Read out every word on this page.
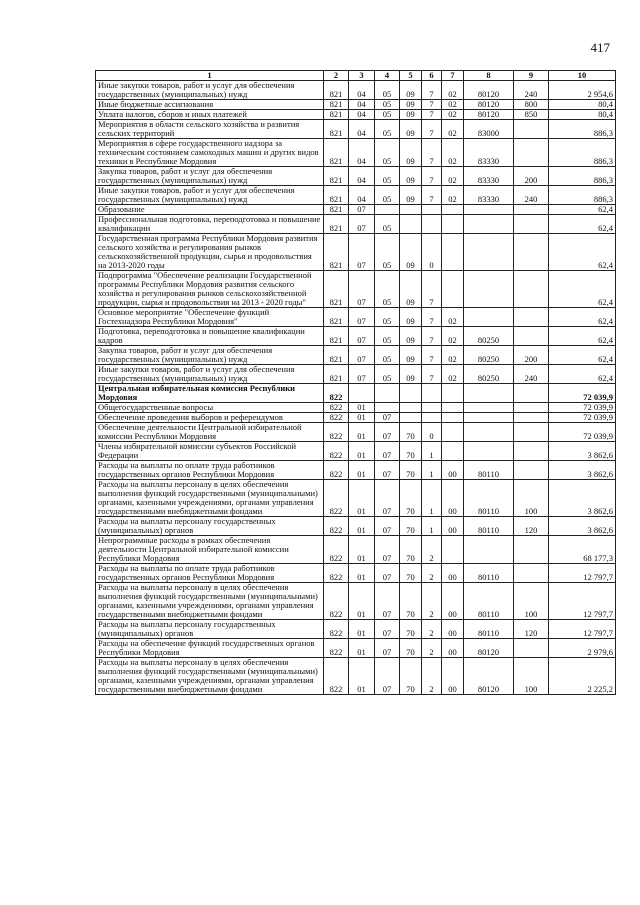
417
1	2	3	4	5	6	7	8	9	10
Иные закупки товаров, работ и услуг для обеспечения государственных (муниципальных) нужд	821	04	05	09	7	02	80120	240	2 954,6
Иные бюджетные ассигнования	821	04	05	09	7	02	80120	800	80,4
Уплата налогов, сборов и иных платежей	821	04	05	09	7	02	80120	850	80,4
Мероприятия в области сельского хозяйства и развития сельских территорий	821	04	05	09	7	02	83000		886,3
Мероприятия в сфере государственного надзора за техническим состоянием самоходных машин и других видов техники в Республике Мордовия	821	04	05	09	7	02	83330		886,3
Закупка товаров, работ и услуг для обеспечения государственных (муниципальных) нужд	821	04	05	09	7	02	83330	200	886,3
Иные закупки товаров, работ и услуг для обеспечения государственных (муниципальных) нужд	821	04	05	09	7	02	83330	240	886,3
Образование	821	07							62,4
Профессиональная подготовка, переподготовка и повышение квалификации	821	07	05						62,4
Государственная программа Республики Мордовия развития сельского хозяйства и регулирования рынков сельскохозяйственной продукции, сырья и продовольствия на 2013-2020 годы	821	07	05	09	0				62,4
Подпрограмма "Обеспечение реализации Государственной программы Республики Мордовия развития сельского хозяйства и регулирования рынков сельскохозяйственной продукции, сырья и продовольствия на 2013 - 2020 годы"	821	07	05	09	7				62,4
Основное мероприятие "Обеспечение функций Гостехнадзора Республики Мордовия"	821	07	05	09	7	02			62,4
Подготовка, переподготовка и повышение квалификации кадров	821	07	05	09	7	02	80250		62,4
Закупка товаров, работ и услуг для обеспечения государственных (муниципальных) нужд	821	07	05	09	7	02	80250	200	62,4
Иные закупки товаров, работ и услуг для обеспечения государственных (муниципальных) нужд	821	07	05	09	7	02	80250	240	62,4
Центральная избирательная комиссия Республики Мордовия	822								72 039,9
Общегосударственные вопросы	822	01							72 039,9
Обеспечение проведения выборов и референдумов	822	01	07						72 039,9
Обеспечение деятельности Центральной избирательной комиссии Республики Мордовия	822	01	07	70	0				72 039,9
Члены избирательной комиссии субъектов Российской Федерации	822	01	07	70	1				3 862,6
Расходы на выплаты по оплате труда работников государственных органов Республики Мордовия	822	01	07	70	1	00	80110		3 862,6
Расходы на выплаты персоналу в целях обеспечения выполнения функций государственными (муниципальными) органами, казенными учреждениями, органами управления государственными внебюджетными фондами	822	01	07	70	1	00	80110	100	3 862,6
Расходы на выплаты персоналу государственных (муниципальных) органов	822	01	07	70	1	00	80110	120	3 862,6
Непрограммные расходы в рамках обеспечения деятельности Центральной избирательной комиссии Республики Мордовия	822	01	07	70	2				68 177,3
Расходы на выплаты по оплате труда работников государственных органов Республики Мордовия	822	01	07	70	2	00	80110		12 797,7
Расходы на выплаты персоналу в целях обеспечения выполнения функций государственными (муниципальными) органами, казенными учреждениями, органами управления государственными внебюджетными фондами	822	01	07	70	2	00	80110	100	12 797,7
Расходы на выплаты персоналу государственных (муниципальных) органов	822	01	07	70	2	00	80110	120	12 797,7
Расходы на обеспечение функций государственных органов Республики Мордовия	822	01	07	70	2	00	80120		2 979,6
Расходы на выплаты персоналу в целях обеспечения выполнения функций государственными (муниципальными) органами, казенными учреждениями, органами управления государственными внебюджетными фондами	822	01	07	70	2	00	80120	100	2 225,2
